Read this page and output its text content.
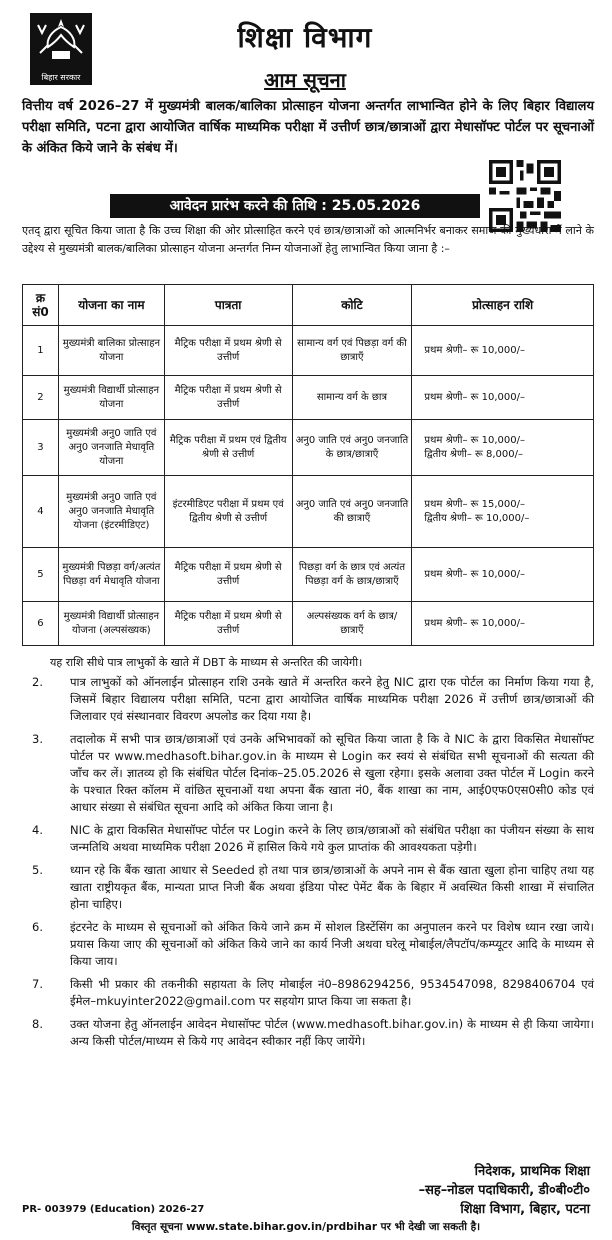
बिहार सरकार
शिक्षा विभाग
आम सूचना
वित्तीय वर्ष 2026–27 में मुख्यमंत्री बालक/बालिका प्रोत्साहन योजना अन्तर्गत लाभान्वित होने के लिए बिहार विद्यालय परीक्षा समिति, पटना द्वारा आयोजित वार्षिक माध्यमिक परीक्षा में उत्तीर्ण छात्र/छात्राओं द्वारा मेधासॉफ्ट पोर्टल पर सूचनाओं के अंकित किये जाने के संबंध में।
आवेदन प्रारंभ करने की तिथि : 25.05.2026
एतद् द्वारा सूचित किया जाता है कि उच्च शिक्षा की ओर प्रोत्साहित करने एवं छात्र/छात्राओं को आत्मनिर्भर बनाकर समाज की मुख्यधारा में लाने के उद्देश्य से मुख्यमंत्री बालक/बालिका प्रोत्साहन योजना अन्तर्गत निम्न योजनाओं हेतु लाभान्वित किया जाना है :–
क्र सं0	योजना का नाम	पात्रता	कोटि	प्रोत्साहन राशि
1	मुख्यमंत्री बालिका प्रोत्साहन योजना	मैट्रिक परीक्षा में प्रथम श्रेणी से उत्तीर्ण	सामान्य वर्ग एवं पिछड़ा वर्ग की छात्राएँ	प्रथम श्रेणी– रू 10,000/–
2	मुख्यमंत्री विद्यार्थी प्रोत्साहन योजना	मैट्रिक परीक्षा में प्रथम श्रेणी से उत्तीर्ण	सामान्य वर्ग के छात्र	प्रथम श्रेणी– रू 10,000/–
3	मुख्यमंत्री अनु0 जाति एवं अनु0 जनजाति मेधावृति योजना	मैट्रिक परीक्षा में प्रथम एवं द्वितीय श्रेणी से उत्तीर्ण	अनु0 जाति एवं अनु0 जनजाति के छात्र/छात्राएँ	प्रथम श्रेणी– रू 10,000/–
द्वितीय श्रेणी– रू 8,000/–
4	मुख्यमंत्री अनु0 जाति एवं अनु0 जनजाति मेधावृति योजना (इंटरमीडिएट)	इंटरमीडिएट परीक्षा में प्रथम एवं द्वितीय श्रेणी से उत्तीर्ण	अनु0 जाति एवं अनु0 जनजाति की छात्राएँ	प्रथम श्रेणी– रू 15,000/–
द्वितीय श्रेणी– रू 10,000/–
5	मुख्यमंत्री पिछड़ा वर्ग/अत्यंत पिछड़ा वर्ग मेधावृति योजना	मैट्रिक परीक्षा में प्रथम श्रेणी से उत्तीर्ण	पिछड़ा वर्ग के छात्र एवं अत्यंत पिछड़ा वर्ग के छात्र/छात्राएँ	प्रथम श्रेणी– रू 10,000/–
6	मुख्यमंत्री विद्यार्थी प्रोत्साहन योजना (अल्पसंख्यक)	मैट्रिक परीक्षा में प्रथम श्रेणी से उत्तीर्ण	अल्पसंख्यक वर्ग के छात्र/छात्राएँ	प्रथम श्रेणी– रू 10,000/–
यह राशि सीधे पात्र लाभुकों के खाते में DBT के माध्यम से अन्तरित की जायेगी।
2. पात्र लाभुकों को ऑनलाईन प्रोत्साहन राशि उनके खाते में अन्तरित करने हेतु NIC द्वारा एक पोर्टल का निर्माण किया गया है, जिसमें बिहार विद्यालय परीक्षा समिति, पटना द्वारा आयोजित वार्षिक माध्यमिक परीक्षा 2026 में उत्तीर्ण छात्र/छात्राओं की जिलावार एवं संस्थानवार विवरण अपलोड कर दिया गया है।
3. तदालोक में सभी पात्र छात्र/छात्राओं एवं उनके अभिभावकों को सूचित किया जाता है कि वे NIC के द्वारा विकसित मेधासॉफ्ट पोर्टल पर www.medhasoft.bihar.gov.in के माध्यम से Login कर स्वयं से संबंधित सभी सूचनाओं की सत्यता की जाँच कर लें। ज्ञातव्य हो कि संबंधित पोर्टल दिनांक–25.05.2026 से खुला रहेगा। इसके अलावा उक्त पोर्टल में Login करने के पश्चात रिक्त कॉलम में वांछित सूचनाओं यथा अपना बैंक खाता नं0, बैंक शाखा का नाम, आई0एफ0एस0सी0 कोड एवं आधार संख्या से संबंधित सूचना आदि को अंकित किया जाना है।
4. NIC के द्वारा विकसित मेधासॉफ्ट पोर्टल पर Login करने के लिए छात्र/छात्राओं को संबंधित परीक्षा का पंजीयन संख्या के साथ जन्मतिथि अथवा माध्यमिक परीक्षा 2026 में हासिल किये गये कुल प्राप्तांक की आवश्यकता पड़ेगी।
5. ध्यान रहे कि बैंक खाता आधार से Seeded हो तथा पात्र छात्र/छात्राओं के अपने नाम से बैंक खाता खुला होना चाहिए तथा यह खाता राष्ट्रीयकृत बैंक, मान्यता प्राप्त निजी बैंक अथवा इंडिया पोस्ट पेमेंट बैंक के बिहार में अवस्थित किसी शाखा में संचालित होना चाहिए।
6. इंटरनेट के माध्यम से सूचनाओं को अंकित किये जाने क्रम में सोशल डिस्टेंसिंग का अनुपालन करने पर विशेष ध्यान रखा जाये। प्रयास किया जाए की सूचनाओं को अंकित किये जाने का कार्य निजी अथवा घरेलू मोबाईल/लैपटॉप/कम्प्यूटर आदि के माध्यम से किया जाय।
7. किसी भी प्रकार की तकनीकी सहायता के लिए मोबाईल नं0–8986294256, 9534547098, 8298406704 एवं ईमेल–mkuyinter2022@gmail.com पर सहयोग प्राप्त किया जा सकता है।
8. उक्त योजना हेतु ऑनलाईन आवेदन मेधासॉफ्ट पोर्टल (www.medhasoft.bihar.gov.in) के माध्यम से ही किया जायेगा। अन्य किसी पोर्टल/माध्यम से किये गए आवेदन स्वीकार नहीं किए जायेंगे।
निदेशक, प्राथमिक शिक्षा
–सह–नोडल पदाधिकारी, डी०बी०टी०
शिक्षा विभाग, बिहार, पटना
PR- 003979 (Education) 2026-27
विस्तृत सूचना www.state.bihar.gov.in/prdbihar पर भी देखी जा सकती है।
